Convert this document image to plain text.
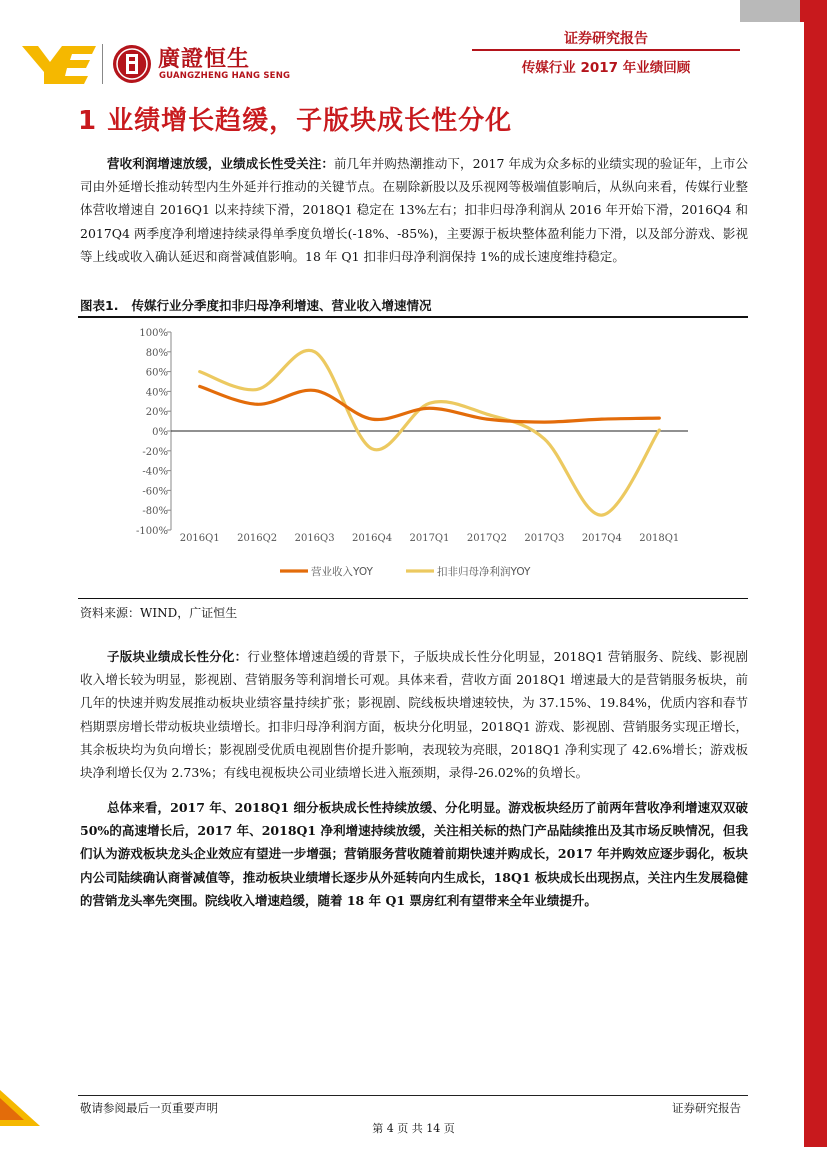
廣證恒生
GUANGZHENG HANG SENG
证券研究报告
传媒行业 2017 年业绩回顾
1 业绩增长趋缓，子版块成长性分化

营收利润增速放缓，业绩成长性受关注：前几年并购热潮推动下，2017 年成为众多标的业绩实现的验证年，上市公司由外延增长推动转型内生外延并行推动的关键节点。在剔除新股以及乐视网等极端值影响后，从纵向来看，传媒行业整体营收增速自 2016Q1 以来持续下滑，2018Q1 稳定在 13%左右；扣非归母净利润从 2016 年开始下滑，2016Q4 和 2017Q4 两季度净利增速持续录得单季度负增长(-18%、-85%)，主要源于板块整体盈利能力下滑，以及部分游戏、影视等上线或收入确认延迟和商誉减值影响。18 年 Q1 扣非归母净利润保持 1%的成长速度维持稳定。

图表1. 传媒行业分季度扣非归母净利增速、营业收入增速情况
-100%
-80%
-60%
-40%
-20%
0%
20%
40%
60%
80%
100%
2016Q1 2016Q2 2016Q3 2016Q4 2017Q1 2017Q2 2017Q3 2017Q4 2018Q1
营业收入YOY	扣非归母净利润YOY
资料来源：WIND，广证恒生

子版块业绩成长性分化：行业整体增速趋缓的背景下，子版块成长性分化明显，2018Q1 营销服务、院线、影视剧收入增长较为明显，影视剧、营销服务等利润增长可观。具体来看，营收方面 2018Q1 增速最大的是营销服务板块，前几年的快速并购发展推动板块业绩容量持续扩张；影视剧、院线板块增速较快，为 37.15%、19.84%，优质内容和春节档期票房增长带动板块业绩增长。扣非归母净利润方面，板块分化明显，2018Q1 游戏、影视剧、营销服务实现正增长，其余板块均为负向增长；影视剧受优质电视剧售价提升影响，表现较为亮眼，2018Q1 净利实现了 42.6%增长；游戏板块净利增长仅为 2.73%；有线电视板块公司业绩增长进入瓶颈期，录得-26.02%的负增长。

总体来看，2017 年、2018Q1 细分板块成长性持续放缓、分化明显。游戏板块经历了前两年营收净利增速双双破 50%的高速增长后，2017 年、2018Q1 净利增速持续放缓，关注相关标的热门产品陆续推出及其市场反映情况，但我们认为游戏板块龙头企业效应有望进一步增强；营销服务营收随着前期快速并购成长，2017 年并购效应逐步弱化，板块内公司陆续确认商誉减值等，推动板块业绩增长逐步从外延转向内生成长，18Q1 板块成长出现拐点，关注内生发展稳健的营销龙头率先突围。院线收入增速趋缓，随着 18 年 Q1 票房红利有望带来全年业绩提升。

敬请参阅最后一页重要声明	证券研究报告
第 4 页 共 14 页
